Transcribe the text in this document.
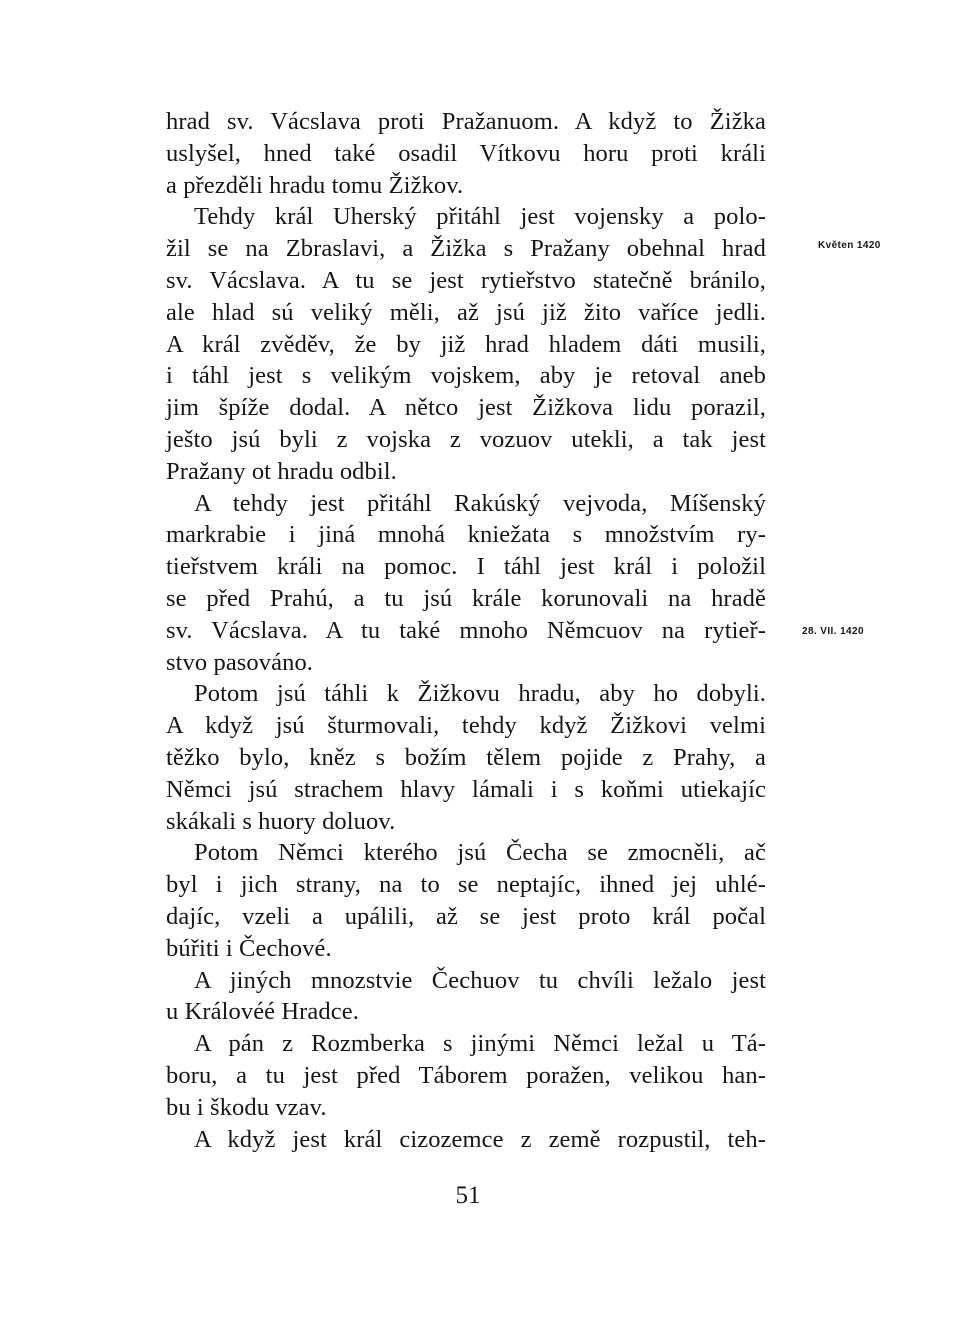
hrad sv. Vácslava proti Pražanuom. A když to Žižka
uslyšel, hned také osadil Vítkovu horu proti králi
a přezděli hradu tomu Žižkov.
Tehdy král Uherský přitáhl jest vojensky a polo-
žil se na Zbraslavi, a Žižka s Pražany obehnal hrad
sv. Vácslava. A tu se jest rytieřstvo statečně bránilo,
ale hlad sú veliký měli, až jsú již žito vaříce jedli.
A král zvěděv, že by již hrad hladem dáti musili,
i táhl jest s velikým vojskem, aby je retoval aneb
jim špíže dodal. A nětco jest Žižkova lidu porazil,
ješto jsú byli z vojska z vozuov utekli, a tak jest
Pražany ot hradu odbil.
A tehdy jest přitáhl Rakúský vejvoda, Míšenský
markrabie i jiná mnohá kniežata s množstvím ry-
tieřstvem králi na pomoc. I táhl jest král i položil
se před Prahú, a tu jsú krále korunovali na hradě
sv. Vácslava. A tu také mnoho Němcuov na rytieř-
stvo pasováno.
Potom jsú táhli k Žižkovu hradu, aby ho dobyli.
A když jsú šturmovali, tehdy když Žižkovi velmi
těžko bylo, kněz s božím tělem pojide z Prahy, a
Němci jsú strachem hlavy lámali i s koňmi utiekajíc
skákali s huory doluov.
Potom Němci kterého jsú Čecha se zmocněli, ač
byl i jich strany, na to se neptajíc, ihned jej uhlé-
dajíc, vzeli a upálili, až se jest proto král počal
búřiti i Čechové.
A jiných mnozstvie Čechuov tu chvíli ležalo jest
u Královéé Hradce.
A pán z Rozmberka s jinými Němci ležal u Tá-
boru, a tu jest před Táborem poražen, velikou han-
bu i škodu vzav.
A když jest král cizozemce z země rozpustil, teh-
Květen 1420
28. VII. 1420
51
